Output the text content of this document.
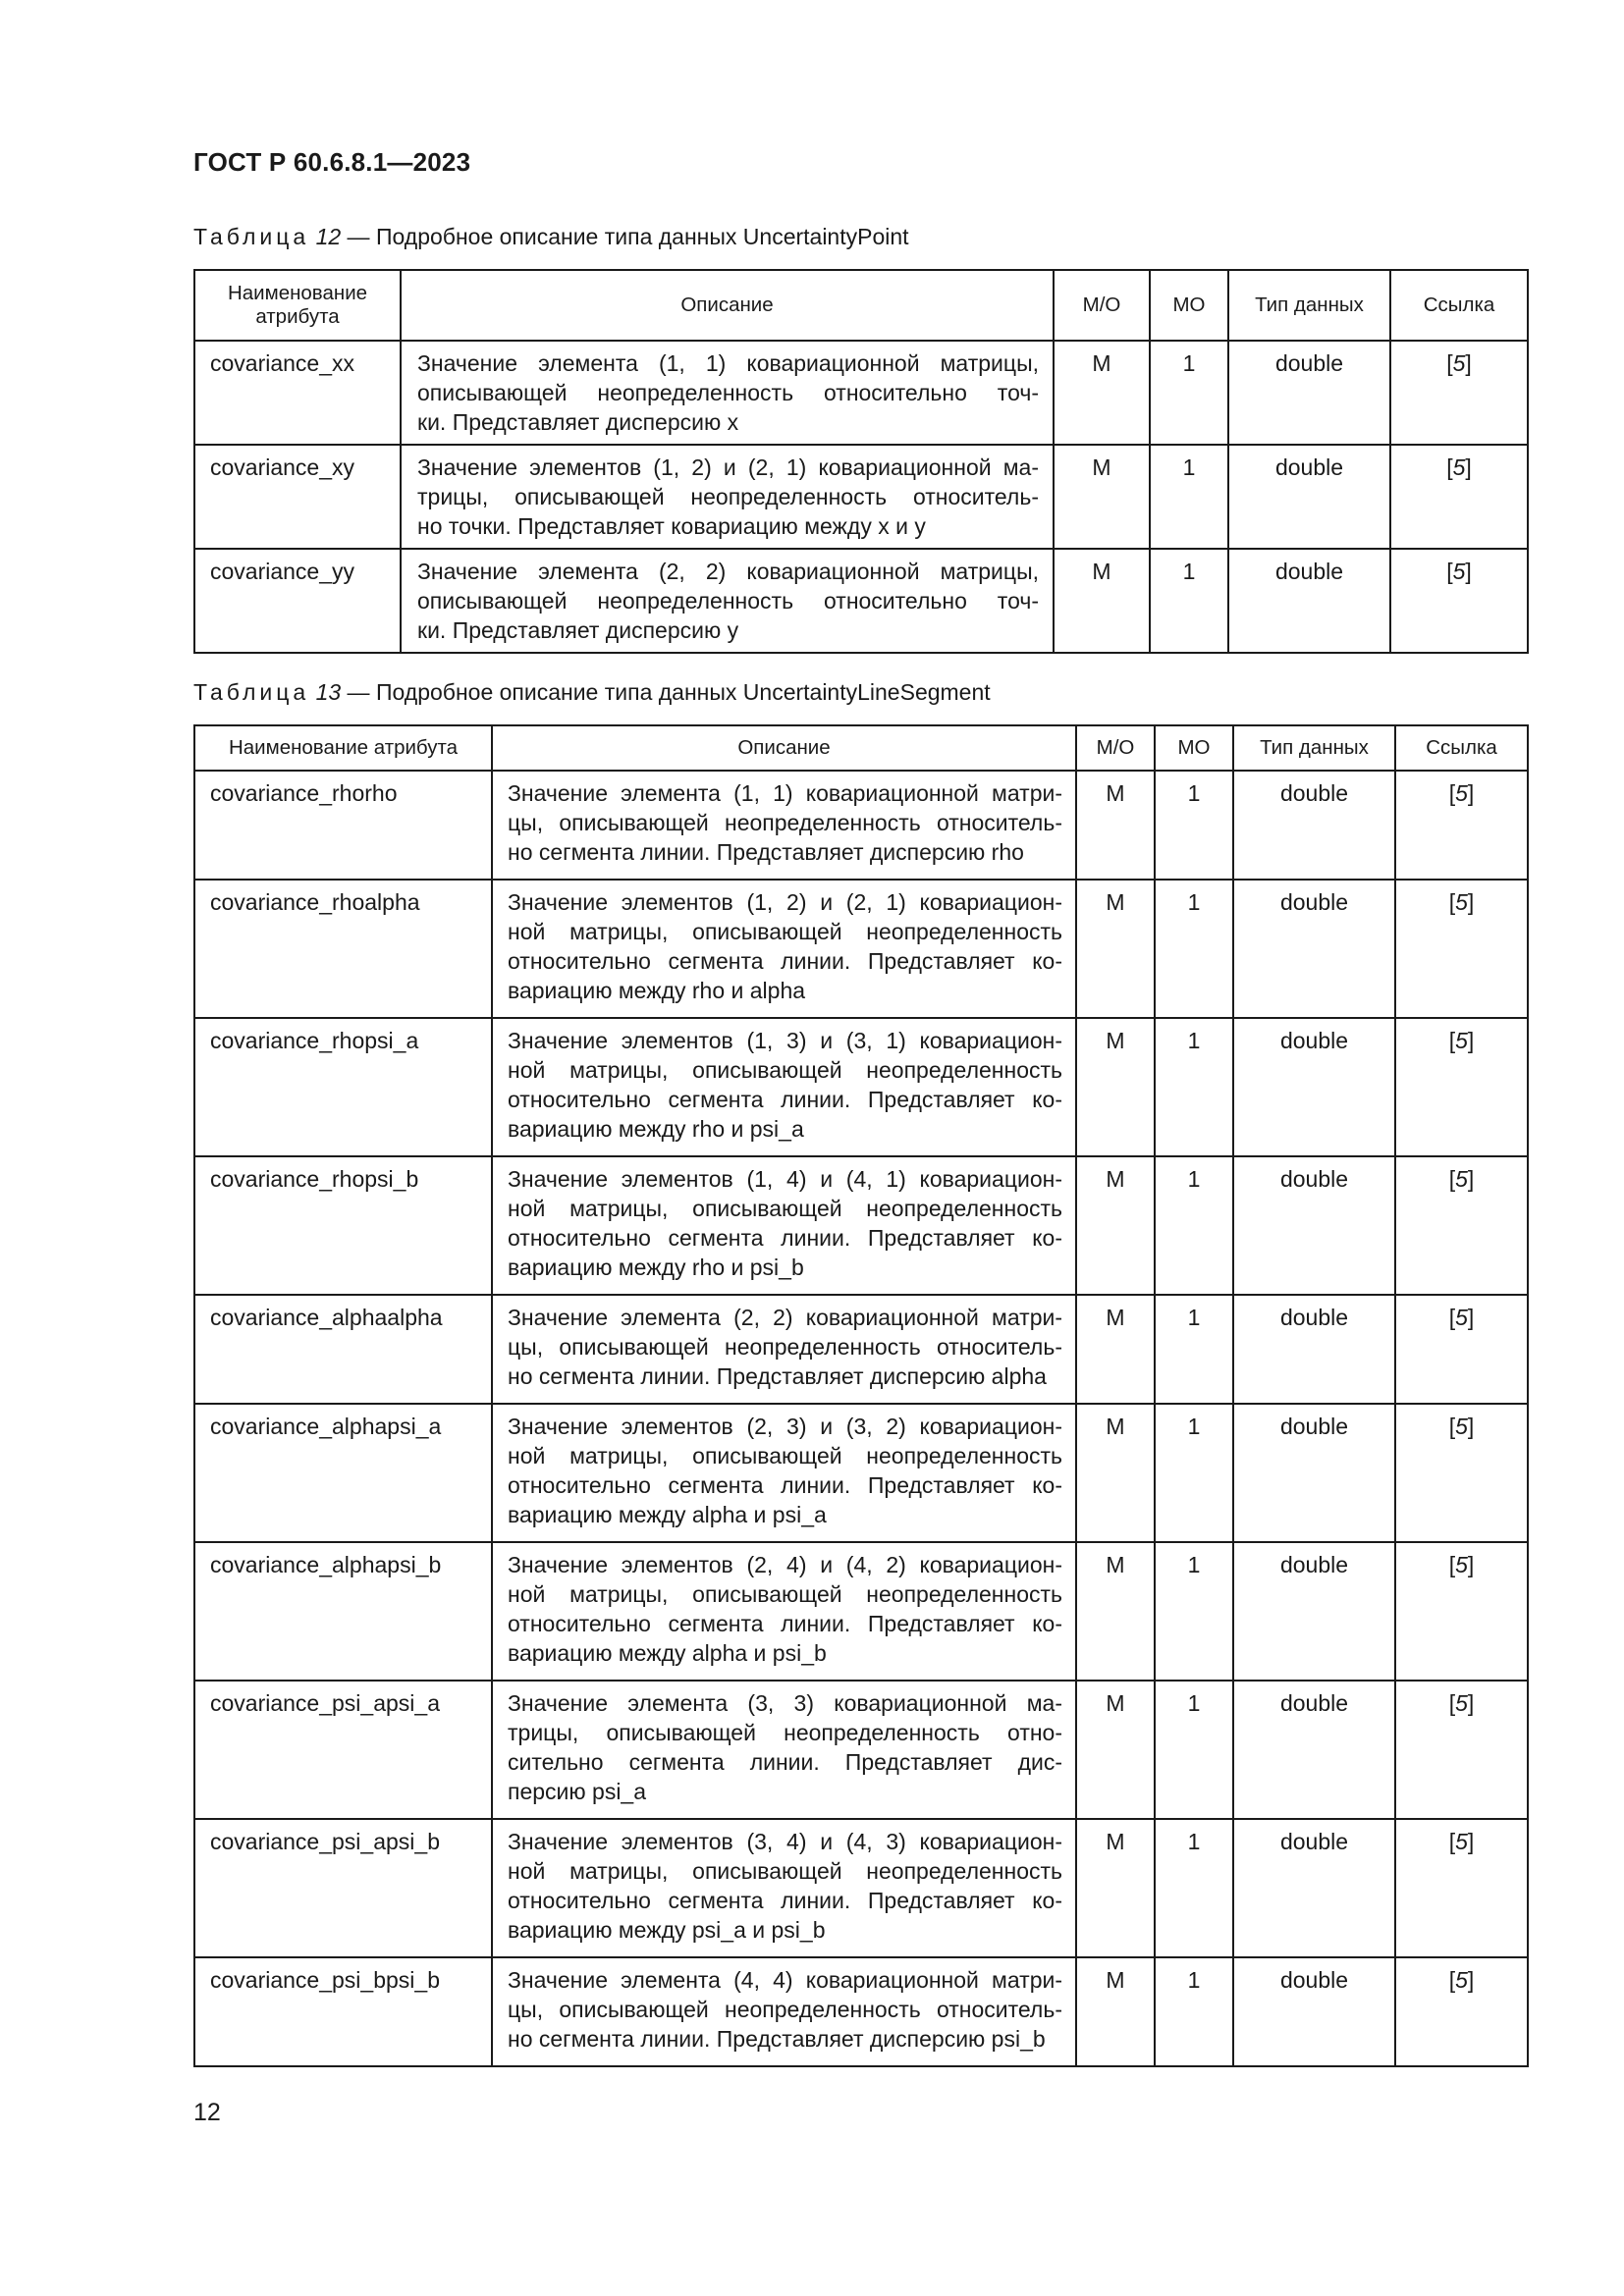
ГОСТ Р 60.6.8.1—2023
Таблица 12 — Подробное описание типа данных UncertaintyPoint
Наименование атрибута	Описание	M/O	MO	Тип данных	Ссылка
covariance_xx	Значение элемента (1, 1) ковариационной матрицы,
описывающей неопределенность относительно точ-
ки. Представляет дисперсию x	M	1	double	[5]
covariance_xy	Значение элементов (1, 2) и (2, 1) ковариационной ма-
трицы, описывающей неопределенность относитель-
но точки. Представляет ковариацию между x и y	M	1	double	[5]
covariance_yy	Значение элемента (2, 2) ковариационной матрицы,
описывающей неопределенность относительно точ-
ки. Представляет дисперсию y	M	1	double	[5]
Таблица 13 — Подробное описание типа данных UncertaintyLineSegment
Наименование атрибута	Описание	M/O	MO	Тип данных	Ссылка
covariance_rhorho	Значение элемента (1, 1) ковариационной матри-
цы, описывающей неопределенность относитель-
но сегмента линии. Представляет дисперсию rho	M	1	double	[5]
covariance_rhoalpha	Значение элементов (1, 2) и (2, 1) ковариацион-
ной матрицы, описывающей неопределенность
относительно сегмента линии. Представляет ко-
вариацию между rho и alpha	M	1	double	[5]
covariance_rhopsi_a	Значение элементов (1, 3) и (3, 1) ковариацион-
ной матрицы, описывающей неопределенность
относительно сегмента линии. Представляет ко-
вариацию между rho и psi_a	M	1	double	[5]
covariance_rhopsi_b	Значение элементов (1, 4) и (4, 1) ковариацион-
ной матрицы, описывающей неопределенность
относительно сегмента линии. Представляет ко-
вариацию между rho и psi_b	M	1	double	[5]
covariance_alphaalpha	Значение элемента (2, 2) ковариационной матри-
цы, описывающей неопределенность относитель-
но сегмента линии. Представляет дисперсию alpha	M	1	double	[5]
covariance_alphapsi_a	Значение элементов (2, 3) и (3, 2) ковариацион-
ной матрицы, описывающей неопределенность
относительно сегмента линии. Представляет ко-
вариацию между alpha и psi_a	M	1	double	[5]
covariance_alphapsi_b	Значение элементов (2, 4) и (4, 2) ковариацион-
ной матрицы, описывающей неопределенность
относительно сегмента линии. Представляет ко-
вариацию между alpha и psi_b	M	1	double	[5]
covariance_psi_apsi_a	Значение элемента (3, 3) ковариационной ма-
трицы, описывающей неопределенность отно-
сительно сегмента линии. Представляет дис-
персию psi_a	M	1	double	[5]
covariance_psi_apsi_b	Значение элементов (3, 4) и (4, 3) ковариацион-
ной матрицы, описывающей неопределенность
относительно сегмента линии. Представляет ко-
вариацию между psi_a и psi_b	M	1	double	[5]
covariance_psi_bpsi_b	Значение элемента (4, 4) ковариационной матри-
цы, описывающей неопределенность относитель-
но сегмента линии. Представляет дисперсию psi_b	M	1	double	[5]
12
